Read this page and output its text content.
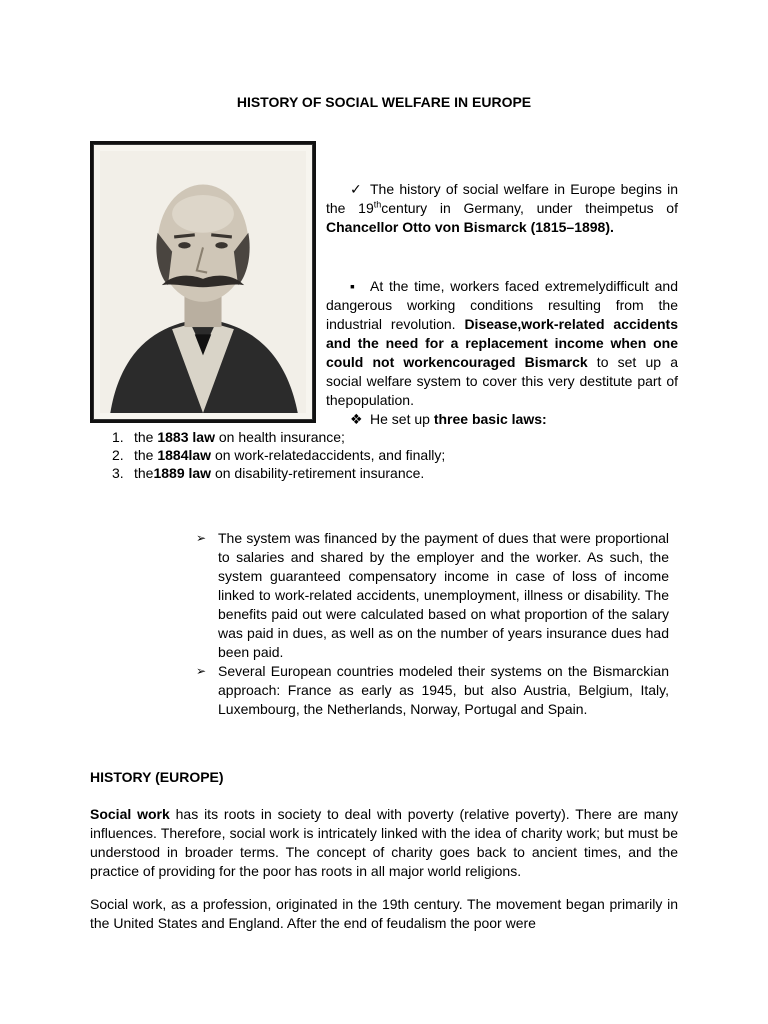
HISTORY OF SOCIAL WELFARE IN EUROPE
✓ The history of social welfare in Europe begins in the 19thcentury in Germany, under theimpetus of Chancellor Otto von Bismarck (1815–1898).
▪ At the time, workers faced extremelydifficult and dangerous working conditions resulting from the industrial revolution. Disease,work-related accidents and the need for a replacement income when one could not workencouraged Bismarck to set up a social welfare system to cover this very destitute part of thepopulation.
❖ He set up three basic laws:
1. the 1883 law on health insurance;
2. the 1884law on work-relatedaccidents, and finally;
3. the1889 law on disability-retirement insurance.
➢ The system was financed by the payment of dues that were proportional to salaries and shared by the employer and the worker. As such, the system guaranteed compensatory income in case of loss of income linked to work-related accidents, unemployment, illness or disability. The benefits paid out were calculated based on what proportion of the salary was paid in dues, as well as on the number of years insurance dues had been paid.
➢ Several European countries modeled their systems on the Bismarckian approach: France as early as 1945, but also Austria, Belgium, Italy, Luxembourg, the Netherlands, Norway, Portugal and Spain.
HISTORY (EUROPE)
Social work has its roots in society to deal with poverty (relative poverty). There are many influences. Therefore, social work is intricately linked with the idea of charity work; but must be understood in broader terms. The concept of charity goes back to ancient times, and the practice of providing for the poor has roots in all major world religions.
Social work, as a profession, originated in the 19th century. The movement began primarily in the United States and England. After the end of feudalism the poor were
